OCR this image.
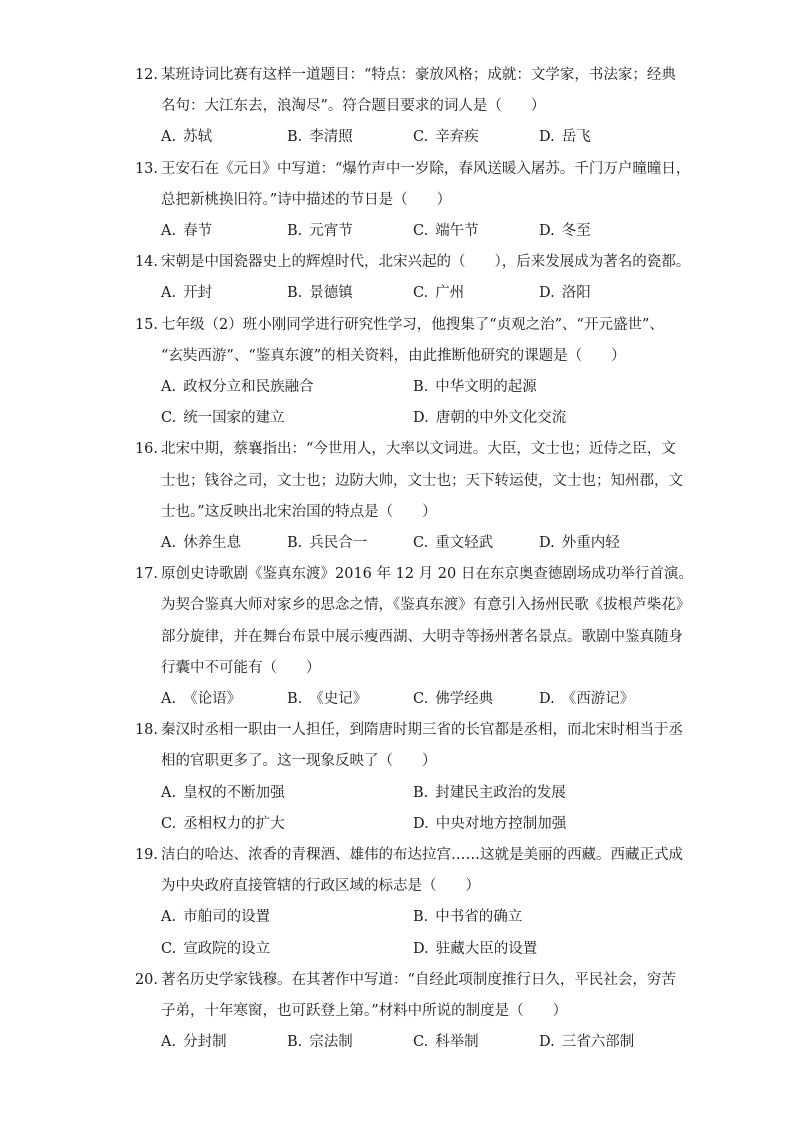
12. 某班诗词比赛有这样一道题目：“特点：豪放风格；成就：文学家，书法家；经典
名句：大江东去，浪淘尽”。符合题目要求的词人是（　　）
A. 苏轼	B. 李清照	C. 辛弃疾	D. 岳飞
13. 王安石在《元日》中写道：“爆竹声中一岁除，春风送暖入屠苏。千门万户曈曈日，
总把新桃换旧符。”诗中描述的节日是（　　）
A. 春节	B. 元宵节	C. 端午节	D. 冬至
14. 宋朝是中国瓷器史上的辉煌时代，北宋兴起的（　　），后来发展成为著名的瓷都。
A. 开封	B. 景德镇	C. 广州	D. 洛阳
15. 七年级（2）班小刚同学进行研究性学习，他搜集了“贞观之治”、“开元盛世”、
“玄奘西游”、“鉴真东渡”的相关资料，由此推断他研究的课题是（　　）
A. 政权分立和民族融合	B. 中华文明的起源
C. 统一国家的建立	D. 唐朝的中外文化交流
16. 北宋中期，蔡襄指出：“今世用人，大率以文词进。大臣，文士也；近侍之臣，文
士也；钱谷之司，文士也；边防大帅，文士也；天下转运使，文士也；知州郡，文
士也。”这反映出北宋治国的特点是（　　）
A. 休养生息	B. 兵民合一	C. 重文轻武	D. 外重内轻
17. 原创史诗歌剧《鉴真东渡》2016 年 12 月 20 日在东京奥查德剧场成功举行首演。
为契合鉴真大师对家乡的思念之情，《鉴真东渡》有意引入扬州民歌《拔根芦柴花》
部分旋律，并在舞台布景中展示瘦西湖、大明寺等扬州著名景点。歌剧中鉴真随身
行囊中不可能有（　　）
A. 《论语》	B. 《史记》	C. 佛学经典	D. 《西游记》
18. 秦汉时丞相一职由一人担任，到隋唐时期三省的长官都是丞相，而北宋时相当于丞
相的官职更多了。这一现象反映了（　　）
A. 皇权的不断加强	B. 封建民主政治的发展
C. 丞相权力的扩大	D. 中央对地方控制加强
19. 洁白的哈达、浓香的青稞酒、雄伟的布达拉宫……这就是美丽的西藏。西藏正式成
为中央政府直接管辖的行政区域的标志是（　　）
A. 市舶司的设置	B. 中书省的确立
C. 宣政院的设立	D. 驻藏大臣的设置
20. 著名历史学家钱穆。在其著作中写道：“自经此项制度推行日久，平民社会，穷苦
子弟，十年寒窗，也可跃登上第。”材料中所说的制度是（　　）
A. 分封制	B. 宗法制	C. 科举制	D. 三省六部制
